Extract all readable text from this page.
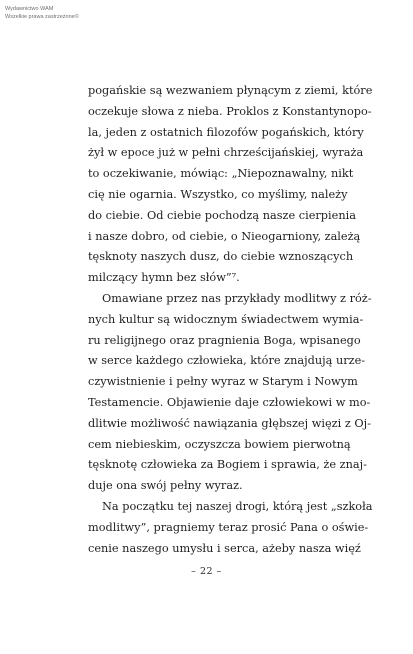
Wydawnictwo WAM
Wszelkie prawa zastrzeżone©
pogańskie są wezwaniem płynącym z ziemi, które
oczekuje słowa z nieba. Proklos z Konstantynopo-
la, jeden z ostatnich filozofów pogańskich, który
żył w epoce już w pełni chrześcijańskiej, wyraża
to oczekiwanie, mówiąc: „Niepoznawalny, nikt
cię nie ogarnia. Wszystko, co myślimy, należy
do ciebie. Od ciebie pochodzą nasze cierpienia
i nasze dobro, od ciebie, o Nieogarniony, zależą
tęsknoty naszych dusz, do ciebie wznoszących
milczący hymn bez słów”⁷.
Omawiane przez nas przykłady modlitwy z róż-
nych kultur są widocznym świadectwem wymia-
ru religijnego oraz pragnienia Boga, wpisanego
w serce każdego człowieka, które znajdują urze-
czywistnienie i pełny wyraz w Starym i Nowym
Testamencie. Objawienie daje człowiekowi w mo-
dlitwie możliwość nawiązania głębszej więzi z Oj-
cem niebieskim, oczyszcza bowiem pierwotną
tęsknotę człowieka za Bogiem i sprawia, że znaj-
duje ona swój pełny wyraz.
Na początku tej naszej drogi, którą jest „szkoła
modlitwy”, pragniemy teraz prosić Pana o oświe-
cenie naszego umysłu i serca, ażeby nasza więź
– 22 –
